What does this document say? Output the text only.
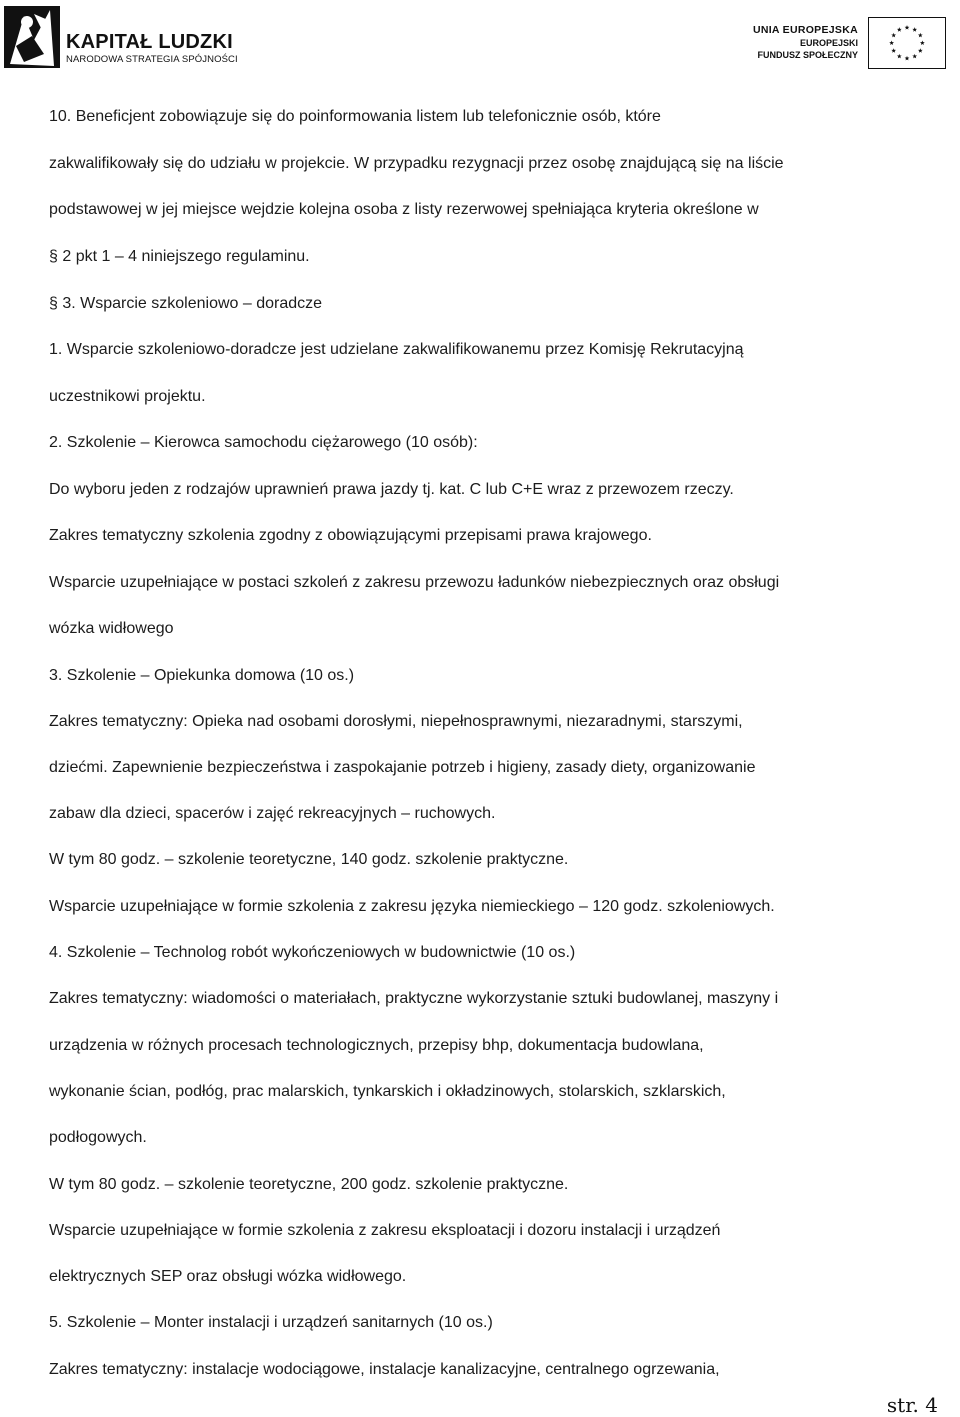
KAPITAŁ LUDZKI
NARODOWA STRATEGIA SPÓJNOŚCI
UNIA EUROPEJSKA
EUROPEJSKI
FUNDUSZ SPOŁECZNY
10. Beneficjent zobowiązuje się do poinformowania listem lub telefonicznie osób, które
zakwalifikowały się do udziału w projekcie. W przypadku rezygnacji przez osobę znajdującą się na liście
podstawowej w jej miejsce wejdzie kolejna osoba z listy rezerwowej spełniająca kryteria określone w
§ 2 pkt 1 – 4 niniejszego regulaminu.
§ 3. Wsparcie szkoleniowo – doradcze
1. Wsparcie szkoleniowo-doradcze jest udzielane zakwalifikowanemu przez Komisję Rekrutacyjną
uczestnikowi projektu.
2. Szkolenie – Kierowca samochodu ciężarowego (10 osób):
Do wyboru jeden z rodzajów uprawnień prawa jazdy tj. kat. C lub C+E wraz z przewozem rzeczy.
Zakres tematyczny szkolenia zgodny z obowiązującymi przepisami prawa krajowego.
Wsparcie uzupełniające w postaci szkoleń z zakresu przewozu ładunków niebezpiecznych oraz obsługi
wózka widłowego
3. Szkolenie – Opiekunka domowa (10 os.)
Zakres tematyczny: Opieka nad osobami dorosłymi, niepełnosprawnymi, niezaradnymi, starszymi,
dziećmi. Zapewnienie bezpieczeństwa i zaspokajanie potrzeb i higieny, zasady diety, organizowanie
zabaw dla dzieci, spacerów i zajęć rekreacyjnych – ruchowych.
W tym 80 godz. – szkolenie teoretyczne, 140 godz. szkolenie praktyczne.
Wsparcie uzupełniające w formie szkolenia z zakresu języka niemieckiego – 120 godz. szkoleniowych.
4. Szkolenie – Technolog robót wykończeniowych w budownictwie (10 os.)
Zakres tematyczny: wiadomości o materiałach, praktyczne wykorzystanie sztuki budowlanej, maszyny i
urządzenia w różnych procesach technologicznych, przepisy bhp, dokumentacja budowlana,
wykonanie ścian, podłóg, prac malarskich, tynkarskich i okładzinowych, stolarskich, szklarskich,
podłogowych.
W tym 80 godz. – szkolenie teoretyczne, 200 godz. szkolenie praktyczne.
Wsparcie uzupełniające w formie szkolenia z zakresu eksploatacji i dozoru instalacji i urządzeń
elektrycznych SEP oraz obsługi wózka widłowego.
5. Szkolenie – Monter instalacji i urządzeń sanitarnych (10 os.)
Zakres tematyczny: instalacje wodociągowe, instalacje kanalizacyjne, centralnego ogrzewania,
str. 4
